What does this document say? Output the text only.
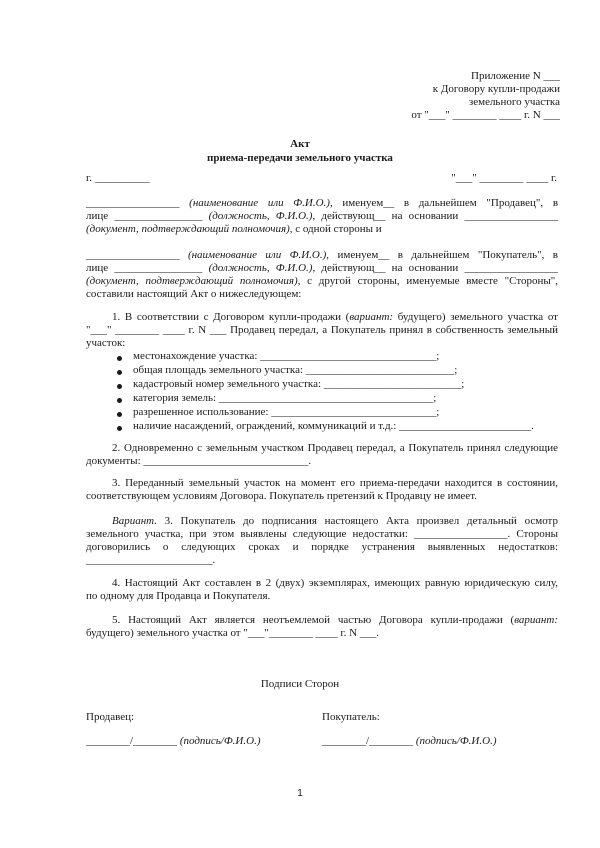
Приложение N ___
к Договору купли-продажи
земельного участка
от "___" ________ ____ г. N ___
Акт
приема-передачи земельного участка
г. __________	"___" ________ ____ г.
_________________ (наименование или Ф.И.О.), именуем__ в дальнейшем "Продавец", в
лице ________________ (должность, Ф.И.О.), действующ__ на основании _________________
(документ, подтверждающий полномочия), с одной стороны и
_________________ (наименование или Ф.И.О.), именуем__ в дальнейшем "Покупатель", в
лице ________________ (должность, Ф.И.О.), действующ__ на основании _________________
(документ, подтверждающий полномочия), с другой стороны, именуемые вместе "Стороны",
составили настоящий Акт о нижеследующем:
1. В соответствии с Договором купли-продажи (вариант: будущего) земельного участка от
"___" ________ ____ г. N ___ Продавец передал, а Покупатель принял в собственность земельный
участок:
местонахождение участка: ________________________________;
общая площадь земельного участка: ___________________________;
кадастровый номер земельного участка: _________________________;
категория земель: _______________________________________;
разрешенное использование: ______________________________;
наличие насаждений, ограждений, коммуникаций и т.д.: ________________________.
2. Одновременно с земельным участком Продавец передал, а Покупатель принял следующие
документы: ______________________________.
3. Переданный земельный участок на момент его приема-передачи находится в состоянии,
соответствующем условиям Договора. Покупатель претензий к Продавцу не имеет.
Вариант. 3. Покупатель до подписания настоящего Акта произвел детальный осмотр
земельного участка, при этом выявлены следующие недостатки: _________________. Стороны
договорились о следующих сроках и порядке устранения выявленных недостатков:
_______________________.
4. Настоящий Акт составлен в 2 (двух) экземплярах, имеющих равную юридическую силу,
по одному для Продавца и Покупателя.
5. Настоящий Акт является неотъемлемой частью Договора купли-продажи (вариант:
будущего) земельного участка от "___"________ ____ г. N ___.
Подписи Сторон
Продавец:	Покупатель:
________/________ (подпись/Ф.И.О.)	________/________ (подпись/Ф.И.О.)
1
